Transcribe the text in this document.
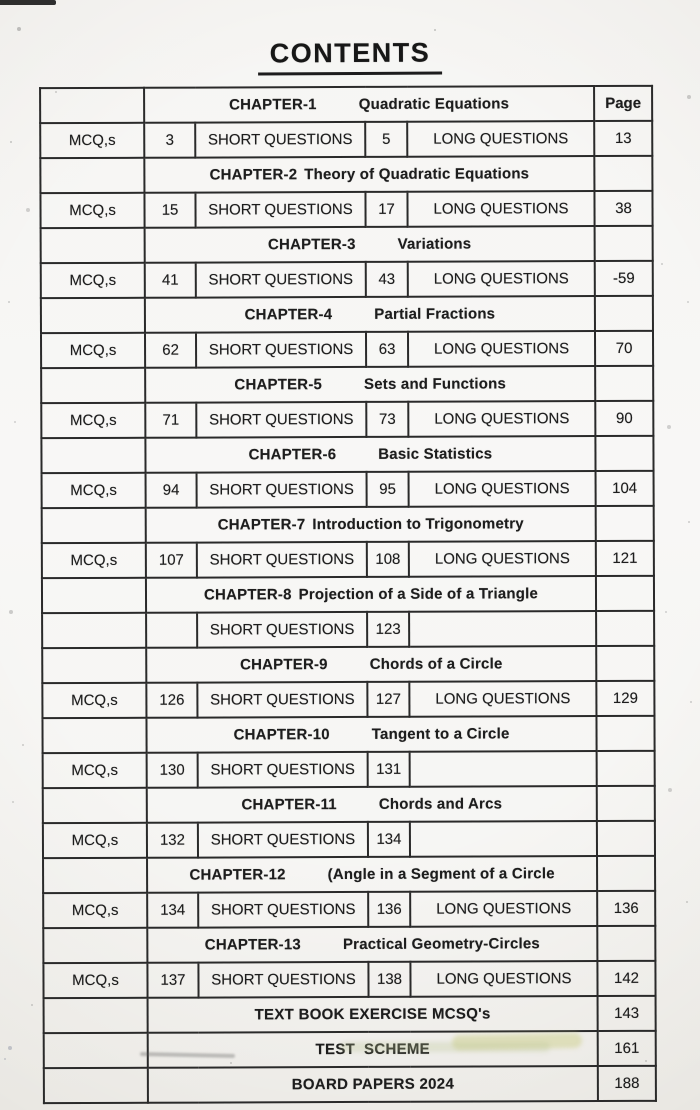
CONTENTS

	CHAPTER-1 Quadratic Equations				Page
MCQ,s	3	SHORT QUESTIONS	5	LONG QUESTIONS	13

	CHAPTER-2 Theory of Quadratic Equations				

MCQ,s	15	SHORT QUESTIONS	17	LONG QUESTIONS	38

	CHAPTER-3 Variations				

MCQ,s	41	SHORT QUESTIONS	43	LONG QUESTIONS	-59

	CHAPTER-4 Partial Fractions				

MCQ,s	62	SHORT QUESTIONS	63	LONG QUESTIONS	70

	CHAPTER-5 Sets and Functions				

MCQ,s	71	SHORT QUESTIONS	73	LONG QUESTIONS	90

	CHAPTER-6 Basic Statistics				

MCQ,s	94	SHORT QUESTIONS	95	LONG QUESTIONS	104

	CHAPTER-7 Introduction to Trigonometry				

MCQ,s	107	SHORT QUESTIONS	108	LONG QUESTIONS	121

	CHAPTER-8 Projection of a Side of a Triangle				

		SHORT QUESTIONS	123		

	CHAPTER-9 Chords of a Circle				

MCQ,s	126	SHORT QUESTIONS	127	LONG QUESTIONS	129

	CHAPTER-10 Tangent to a Circle				

MCQ,s	130	SHORT QUESTIONS	131		

	CHAPTER-11 Chords and Arcs				

MCQ,s	132	SHORT QUESTIONS	134		

	CHAPTER-12 (Angle in a Segment of a Circle				

MCQ,s	134	SHORT QUESTIONS	136	LONG QUESTIONS	136

	CHAPTER-13 Practical Geometry-Circles				

MCQ,s	137	SHORT QUESTIONS	138	LONG QUESTIONS	142
	TEXT BOOK EXERCISE MCSQ's				143
	TEST  SCHEME				161
	BOARD PAPERS 2024				188
